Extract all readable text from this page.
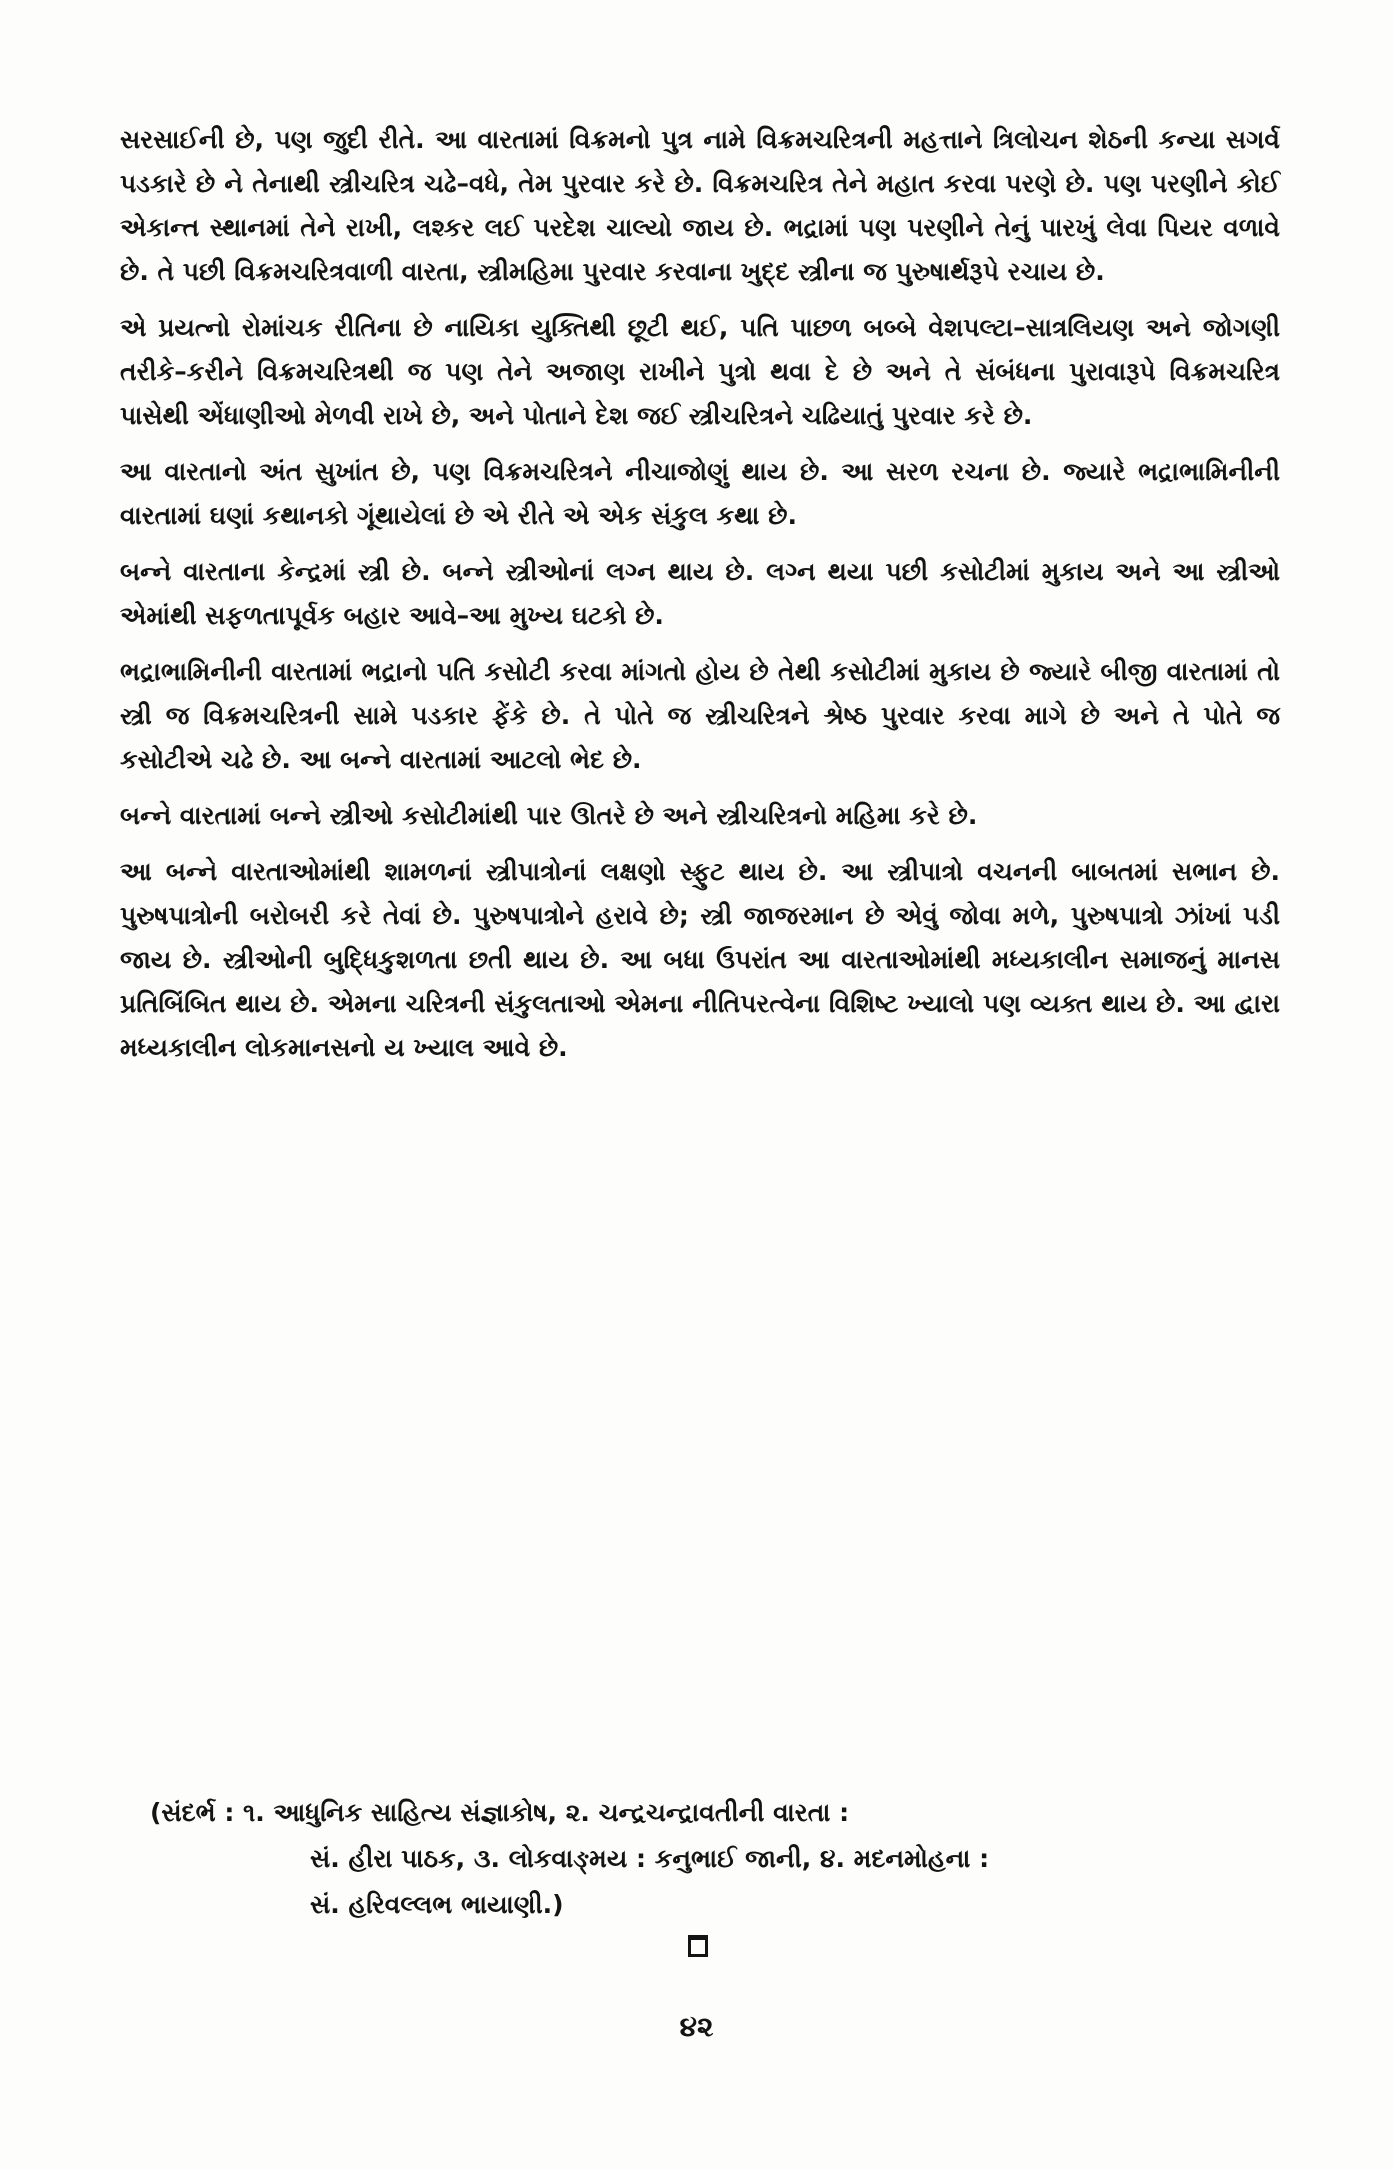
સરસાઈની છે, પણ જુદી રીતે. આ વારતામાં વિક્રમનો પુત્ર નામે વિક્રમચરિત્રની મહત્તાને ત્રિલોચન શેઠની કન્યા સગર્વ પડકારે છે ને તેનાથી સ્ત્રીચરિત્ર ચઢે–વધે, તેમ પુરવાર કરે છે. વિક્રમચરિત્ર તેને મહાત કરવા પરણે છે. પણ પરણીને કોઈ એકાન્ત સ્થાનમાં તેને રાખી, લશ્કર લઈ પરદેશ ચાલ્યો જાય છે. ભદ્રામાં પણ પરણીને તેનું પારખું લેવા પિયર વળાવે છે. તે પછી વિક્રમચરિત્રવાળી વારતા, સ્ત્રીમહિમા પુરવાર કરવાના ખુદ્દ સ્ત્રીના જ પુરુષાર્થરૂપે રચાય છે.

એ પ્રયત્નો રોમાંચક રીતિના છે નાયિકા યુક્તિથી છૂટી થઈ, પતિ પાછળ બબ્બે વેશપલ્ટા–સાત્રલિયણ અને જોગણી તરીકે–કરીને વિક્રમચરિત્રથી જ પણ તેને અજાણ રાખીને પુત્રો થવા દે છે અને તે સંબંધના પુરાવારૂપે વિક્રમચરિત્ર પાસેથી એંધાણીઓ મેળવી રાખે છે, અને પોતાને દેશ જઈ સ્ત્રીચરિત્રને ચઢિયાતું પુરવાર કરે છે.

આ વારતાનો અંત સુખાંત છે, પણ વિક્રમચરિત્રને નીચાજોણું થાય છે. આ સરળ રચના છે. જ્યારે ભદ્રાભામિનીની વારતામાં ઘણાં કથાનકો ગૂંથાયેલાં છે એ રીતે એ એક સંકુલ કથા છે.

બન્ને વારતાના કેન્દ્રમાં સ્ત્રી છે. બન્ને સ્ત્રીઓનાં લગ્ન થાય છે. લગ્ન થયા પછી કસોટીમાં મુકાય અને આ સ્ત્રીઓ એમાંથી સફળતાપૂર્વક બહાર આવે–આ મુખ્ય ઘટકો છે.

ભદ્રાભામિનીની વારતામાં ભદ્રાનો પતિ કસોટી કરવા માંગતો હોય છે તેથી કસોટીમાં મુકાય છે જ્યારે બીજી વારતામાં તો સ્ત્રી જ વિક્રમચરિત્રની સામે પડકાર ફેંકે છે. તે પોતે જ સ્ત્રીચરિત્રને શ્રેષ્ઠ પુરવાર કરવા માગે છે અને તે પોતે જ કસોટીએ ચઢે છે. આ બન્ને વારતામાં આટલો ભેદ છે.

બન્ને વારતામાં બન્ને સ્ત્રીઓ કસોટીમાંથી પાર ઊતરે છે અને સ્ત્રીચરિત્રનો મહિમા કરે છે.

આ બન્ને વારતાઓમાંથી શામળનાં સ્ત્રીપાત્રોનાં લક્ષણો સ્ફુટ થાય છે. આ સ્ત્રીપાત્રો વચનની બાબતમાં સભાન છે. પુરુષપાત્રોની બરોબરી કરે તેવાં છે. પુરુષપાત્રોને હરાવે છે; સ્ત્રી જાજરમાન છે એવું જોવા મળે, પુરુષપાત્રો ઝાંખાં પડી જાય છે. સ્ત્રીઓની બુદ્ધિકુશળતા છતી થાય છે. આ બધા ઉપરાંત આ વારતાઓમાંથી મધ્યકાલીન સમાજનું માનસ પ્રતિબિંબિત થાય છે. એમના ચરિત્રની સંકુલતાઓ એમના નીતિપરત્વેના વિશિષ્ટ ખ્યાલો પણ વ્યક્ત થાય છે. આ દ્વારા મધ્યકાલીન લોકમાનસનો ય ખ્યાલ આવે છે.

(સંદર્ભ : ૧. આધુનિક સાહિત્ય સંજ્ઞાકોષ, ૨. ચન્દ્રચન્દ્રાવતીની વારતા :
સં. હીરા પાઠક, ૩. લોકવાઙ્મય : કનુભાઈ જાની, ૪. મદનમોહના :
સં. હરિવલ્લભ ભાયાણી.)
૪૨
